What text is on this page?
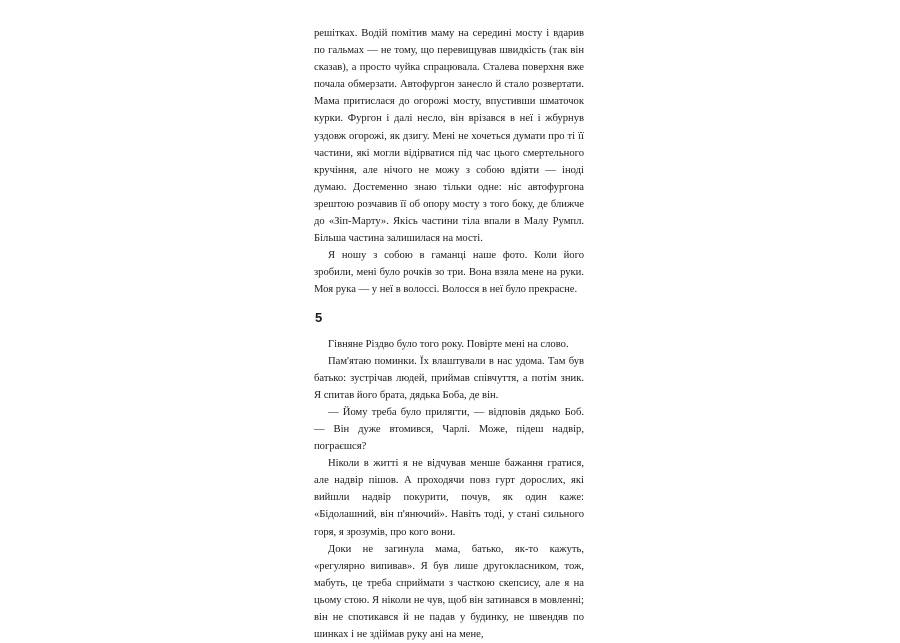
решітках. Водій помітив маму на середині мосту і вдарив по гальмах — не тому, що перевищував швидкість (так він сказав), а просто чуйка спрацювала. Сталева поверхня вже почала обмерзати. Автофургон занесло й стало розвертати. Мама притислася до огорожі мосту, впустивши шматочок курки. Фургон і далі несло, він врізався в неї і жбурнув уздовж огорожі, як дзигу. Мені не хочеться думати про ті її частини, які могли відірватися під час цього смертельного кручіння, але нічого не можу з собою вдіяти — іноді думаю. Достеменно знаю тільки одне: ніс автофургона зрештою розчавив її об опору мосту з того боку, де ближче до «Зіп-Марту». Якісь частини тіла впали в Малу Румпл. Більша частина залишилася на мості.

Я ношу з собою в гаманці наше фото. Коли його зробили, мені було рочків зо три. Вона взяла мене на руки. Моя рука — у неї в волоссі. Волосся в неї було прекрасне.

5

Гівняне Різдво було того року. Повірте мені на слово.

Пам'ятаю поминки. Їх влаштували в нас удома. Там був батько: зустрічав людей, приймав співчуття, а потім зник. Я спитав його брата, дядька Боба, де він.

— Йому треба було прилягти, — відповів дядько Боб. — Він дуже втомився, Чарлі. Може, підеш надвір, пограєшся?

Ніколи в житті я не відчував менше бажання гратися, але надвір пішов. А проходячи повз гурт дорослих, які вийшли надвір покурити, почув, як один каже: «Бідолашний, він п'янючий». Навіть тоді, у стані сильного горя, я зрозумів, про кого вони.

Доки не загинула мама, батько, як-то кажуть, «регулярно випивав». Я був лише другокласником, тож, мабуть, це треба сприймати з часткою скепсису, але я на цьому стою. Я ніколи не чув, щоб він затинався в мовленні; він не спотикався й не падав у будинку, не швендяв по шинках і не здіймав руку ані на мене,
